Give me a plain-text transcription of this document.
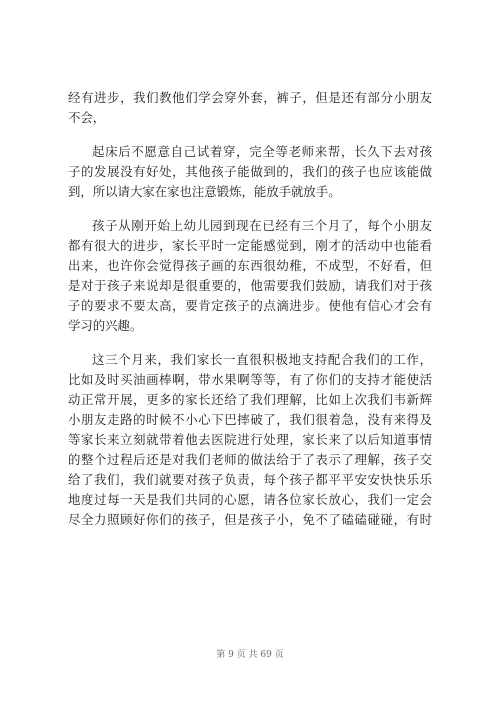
经有进步，我们教他们学会穿外套，裤子，但是还有部分小朋友
不会，
起床后不愿意自己试着穿，完全等老师来帮，长久下去对孩
子的发展没有好处，其他孩子能做到的，我们的孩子也应该能做
到，所以请大家在家也注意锻炼，能放手就放手。
孩子从刚开始上幼儿园到现在已经有三个月了，每个小朋友
都有很大的进步，家长平时一定能感觉到，刚才的活动中也能看
出来，也许你会觉得孩子画的东西很幼稚，不成型，不好看，但
是对于孩子来说却是很重要的，他需要我们鼓励，请我们对于孩
子的要求不要太高，要肯定孩子的点滴进步。使他有信心才会有
学习的兴趣。
这三个月来，我们家长一直很积极地支持配合我们的工作，
比如及时买油画棒啊，带水果啊等等，有了你们的支持才能使活
动正常开展，更多的家长还给了我们理解，比如上次我们韦新辉
小朋友走路的时候不小心下巴摔破了，我们很着急，没有来得及
等家长来立刻就带着他去医院进行处理，家长来了以后知道事情
的整个过程后还是对我们老师的做法给于了表示了理解，孩子交
给了我们，我们就要对孩子负责，每个孩子都平平安安快快乐乐
地度过每一天是我们共同的心愿，请各位家长放心，我们一定会
尽全力照顾好你们的孩子，但是孩子小，免不了磕磕碰碰，有时
第 9 页 共 69 页
